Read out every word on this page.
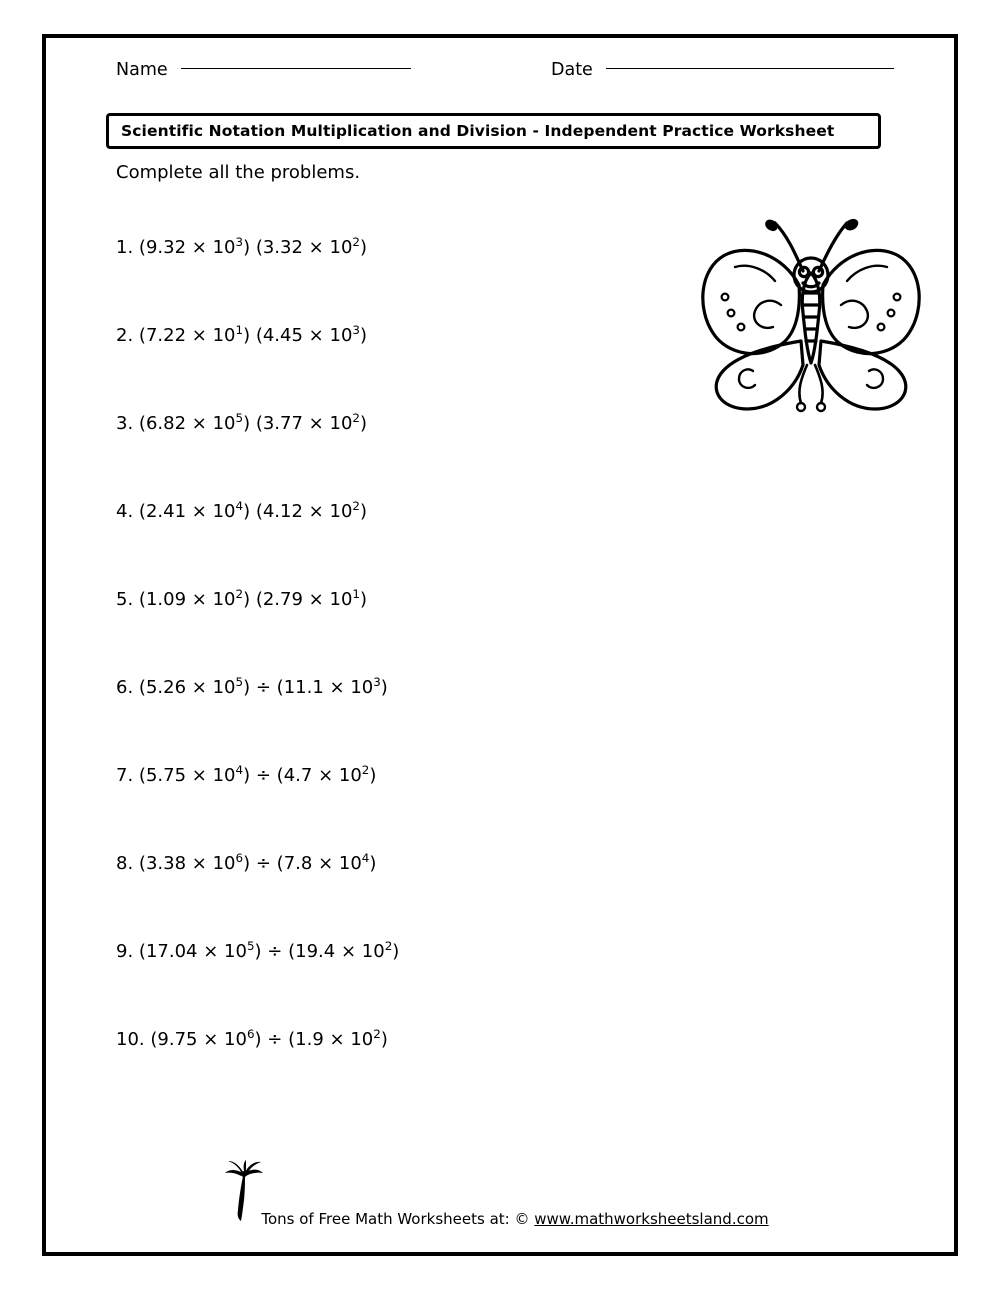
Name	Date
Scientific Notation Multiplication and Division - Independent Practice Worksheet
Complete all the problems.
1. $(9.32 \times 10^3)$ $(3.32 \times 10^2)$
2. $(7.22 \times 10^1)$ $(4.45 \times 10^3)$
3. $(6.82 \times 10^5)$ $(3.77 \times 10^2)$
4. $(2.41 \times 10^4)$ $(4.12 \times 10^2)$
5. $(1.09 \times 10^2)$ $(2.79 \times 10^1)$
6. $(5.26 \times 10^5) \div (11.1 \times 10^3)$
7. $(5.75 \times 10^4) \div (4.7 \times 10^2)$
8. $(3.38 \times 10^6) \div (7.8 \times 10^4)$
9. $(17.04 \times 10^5) \div (19.4 \times 10^2)$
10. $(9.75 \times 10^6) \div (1.9 \times 10^2)$
Tons of Free Math Worksheets at: © www.mathworksheetsland.com
